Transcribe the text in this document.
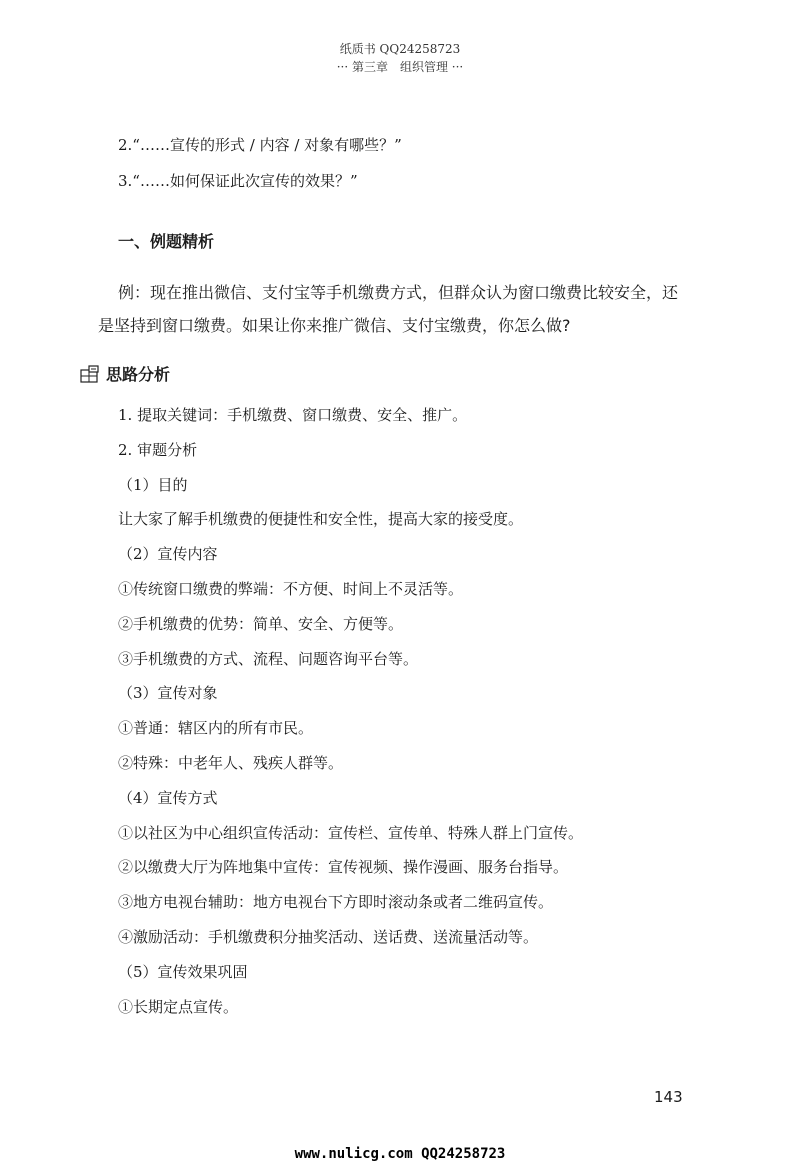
纸质书 QQ24258723
··· 第三章　组织管理 ···
2.“……宣传的形式 / 内容 / 对象有哪些？”
3.“……如何保证此次宣传的效果？”
一、例题精析
例：现在推出微信、支付宝等手机缴费方式，但群众认为窗口缴费比较安全，还
是坚持到窗口缴费。如果让你来推广微信、支付宝缴费，你怎么做?
思路分析
1. 提取关键词：手机缴费、窗口缴费、安全、推广。
2. 审题分析
（1）目的
让大家了解手机缴费的便捷性和安全性，提高大家的接受度。
（2）宣传内容
①传统窗口缴费的弊端：不方便、时间上不灵活等。
②手机缴费的优势：简单、安全、方便等。
③手机缴费的方式、流程、问题咨询平台等。
（3）宣传对象
①普通：辖区内的所有市民。
②特殊：中老年人、残疾人群等。
（4）宣传方式
①以社区为中心组织宣传活动：宣传栏、宣传单、特殊人群上门宣传。
②以缴费大厅为阵地集中宣传：宣传视频、操作漫画、服务台指导。
③地方电视台辅助：地方电视台下方即时滚动条或者二维码宣传。
④激励活动：手机缴费积分抽奖活动、送话费、送流量活动等。
（5）宣传效果巩固
①长期定点宣传。
143
www.nulicg.com QQ24258723
